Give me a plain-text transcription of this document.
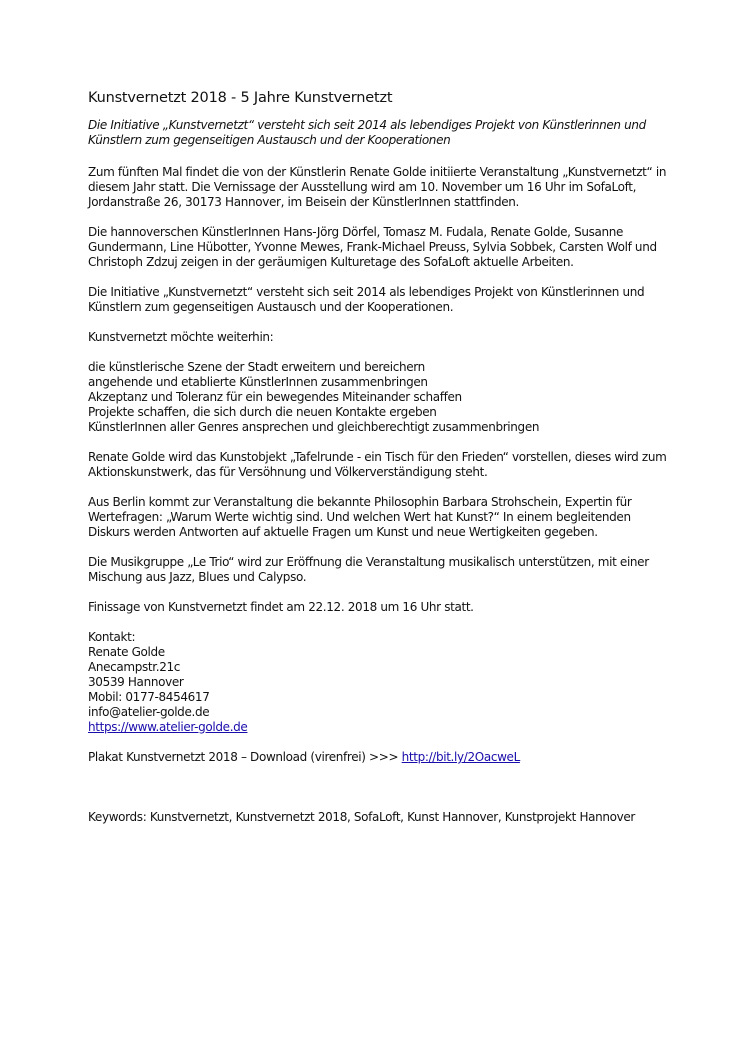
Kunstvernetzt 2018 - 5 Jahre Kunstvernetzt

Die Initiative „Kunstvernetzt“ versteht sich seit 2014 als lebendiges Projekt von Künstlerinnen und Künstlern zum gegenseitigen Austausch und der Kooperationen

Zum fünften Mal findet die von der Künstlerin Renate Golde initiierte Veranstaltung „Kunstvernetzt“ in diesem Jahr statt. Die Vernissage der Ausstellung wird am 10. November um 16 Uhr im SofaLoft, Jordanstraße 26, 30173 Hannover, im Beisein der KünstlerInnen stattfinden.

Die hannoverschen KünstlerInnen Hans-Jörg Dörfel, Tomasz M. Fudala, Renate Golde, Susanne Gundermann, Line Hübotter, Yvonne Mewes, Frank-Michael Preuss, Sylvia Sobbek, Carsten Wolf und Christoph Zdzuj zeigen in der geräumigen Kulturetage des SofaLoft aktuelle Arbeiten.

Die Initiative „Kunstvernetzt“ versteht sich seit 2014 als lebendiges Projekt von Künstlerinnen und Künstlern zum gegenseitigen Austausch und der Kooperationen.

Kunstvernetzt möchte weiterhin:

die künstlerische Szene der Stadt erweitern und bereichern
angehende und etablierte KünstlerInnen zusammenbringen
Akzeptanz und Toleranz für ein bewegendes Miteinander schaffen
Projekte schaffen, die sich durch die neuen Kontakte ergeben
KünstlerInnen aller Genres ansprechen und gleichberechtigt zusammenbringen

Renate Golde wird das Kunstobjekt „Tafelrunde - ein Tisch für den Frieden“ vorstellen, dieses wird zum Aktionskunstwerk, das für Versöhnung und Völkerverständigung steht.

Aus Berlin kommt zur Veranstaltung die bekannte Philosophin Barbara Strohschein, Expertin für Wertefragen: „Warum Werte wichtig sind. Und welchen Wert hat Kunst?“ In einem begleitenden Diskurs werden Antworten auf aktuelle Fragen um Kunst und neue Wertigkeiten gegeben.

Die Musikgruppe „Le Trio“ wird zur Eröffnung die Veranstaltung musikalisch unterstützen, mit einer Mischung aus Jazz, Blues und Calypso.

Finissage von Kunstvernetzt findet am 22.12. 2018 um 16 Uhr statt.

Kontakt:
Renate Golde
Anecampstr.21c
30539 Hannover
Mobil: 0177-8454617
info@atelier-golde.de
https://www.atelier-golde.de

Plakat Kunstvernetzt 2018 – Download (virenfrei) >>> http://bit.ly/2OacweL

Keywords: Kunstvernetzt, Kunstvernetzt 2018, SofaLoft, Kunst Hannover, Kunstprojekt Hannover
